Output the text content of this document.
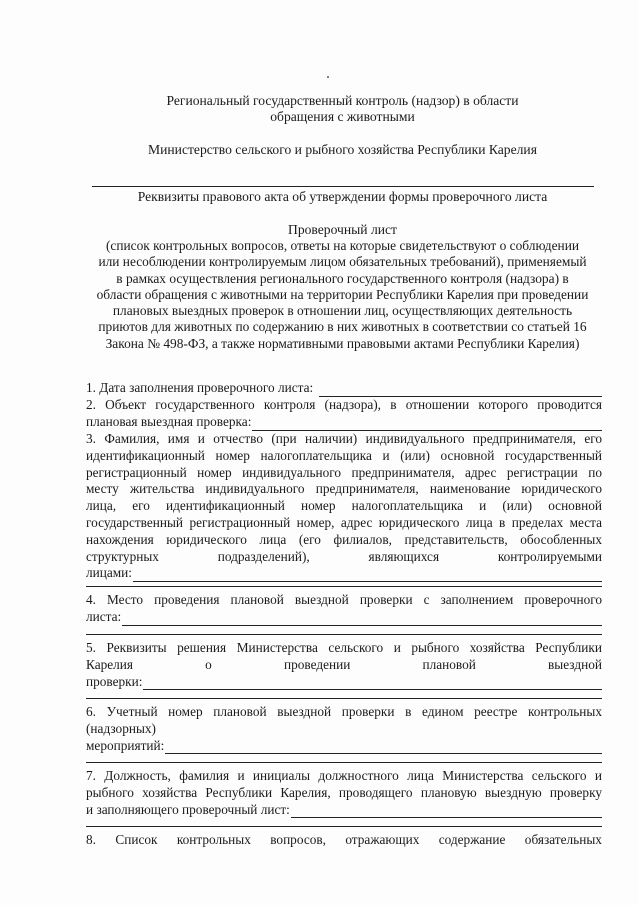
Региональный государственный контроль (надзор) в области
обращения с животными
Министерство сельского и рыбного хозяйства Республики Карелия
Реквизиты правового акта об утверждении формы проверочного листа
Проверочный лист
(список контрольных вопросов, ответы на которые свидетельствуют о соблюдении
или несоблюдении контролируемым лицом обязательных требований), применяемый
в рамках осуществления регионального государственного контроля (надзора) в
области обращения с животными на территории Республики Карелия при проведении
плановых выездных проверок в отношении лиц, осуществляющих деятельность
приютов для животных по содержанию в них животных в соответствии со статьей 16
Закона № 498-ФЗ, а также нормативными правовыми актами Республики Карелия)
1. Дата заполнения проверочного листа:
2. Объект государственного контроля (надзора), в отношении которого проводится
плановая выездная проверка:
3. Фамилия, имя и отчество (при наличии) индивидуального предпринимателя, его
идентификационный номер налогоплательщика и (или) основной государственный
регистрационный номер индивидуального предпринимателя, адрес регистрации по
месту жительства индивидуального предпринимателя, наименование юридического
лица, его идентификационный номер налогоплательщика и (или) основной
государственный регистрационный номер, адрес юридического лица в пределах места
нахождения юридического лица (его филиалов, представительств, обособленных
структурных	подразделений),	являющихся	контролируемыми
лицами:
4. Место проведения плановой выездной проверки с заполнением проверочного
листа:
5. Реквизиты решения Министерства сельского и рыбного хозяйства Республики
Карелия	о	проведении	плановой	выездной
проверки:
6. Учетный номер плановой выездной проверки в едином реестре контрольных
(надзорных)
мероприятий:
7. Должность, фамилия и инициалы должностного лица Министерства сельского и
рыбного хозяйства Республики Карелия, проводящего плановую выездную проверку
и заполняющего проверочный лист:
8. Список контрольных вопросов, отражающих содержание обязательных
